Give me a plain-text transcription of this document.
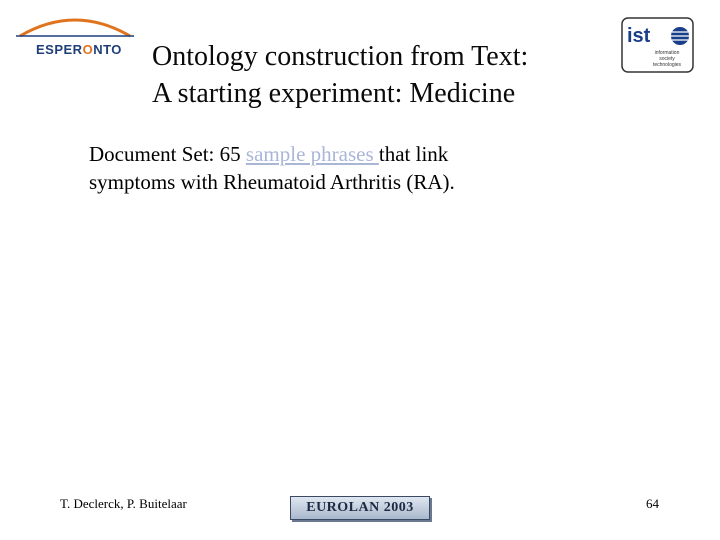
ESPERONTO
ist
information
society
technologies
Ontology construction from Text:
A starting experiment: Medicine
Document Set: 65 sample phrases that link
symptoms with Rheumatoid Arthritis (RA).
T. Declerck, P. Buitelaar	EUROLAN 2003	64
